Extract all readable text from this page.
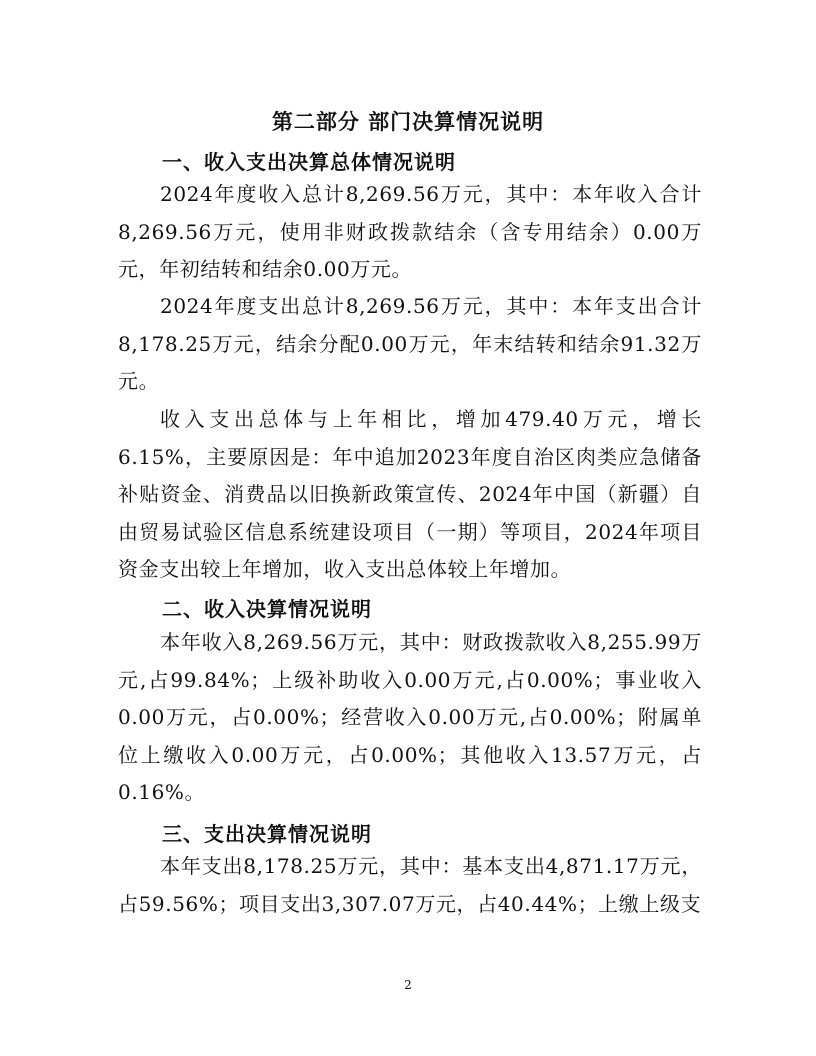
第二部分 部门决算情况说明
一、收入支出决算总体情况说明
2024年度收入总计8,269.56万元，其中：本年收入合计8,269.56万元，使用非财政拨款结余（含专用结余）0.00万元，年初结转和结余0.00万元。
2024年度支出总计8,269.56万元，其中：本年支出合计8,178.25万元，结余分配0.00万元，年末结转和结余91.32万元。
收入支出总体与上年相比，增加479.40万元，增长6.15%，主要原因是：年中追加2023年度自治区肉类应急储备补贴资金、消费品以旧换新政策宣传、2024年中国（新疆）自由贸易试验区信息系统建设项目（一期）等项目，2024年项目资金支出较上年增加，收入支出总体较上年增加。
二、收入决算情况说明
本年收入8,269.56万元，其中：财政拨款收入8,255.99万元,占99.84%；上级补助收入0.00万元,占0.00%；事业收入0.00万元，占0.00%；经营收入0.00万元,占0.00%；附属单位上缴收入0.00万元，占0.00%；其他收入13.57万元，占0.16%。
三、支出决算情况说明
本年支出8,178.25万元，其中：基本支出4,871.17万元，占59.56%；项目支出3,307.07万元，占40.44%；上缴上级支
2
